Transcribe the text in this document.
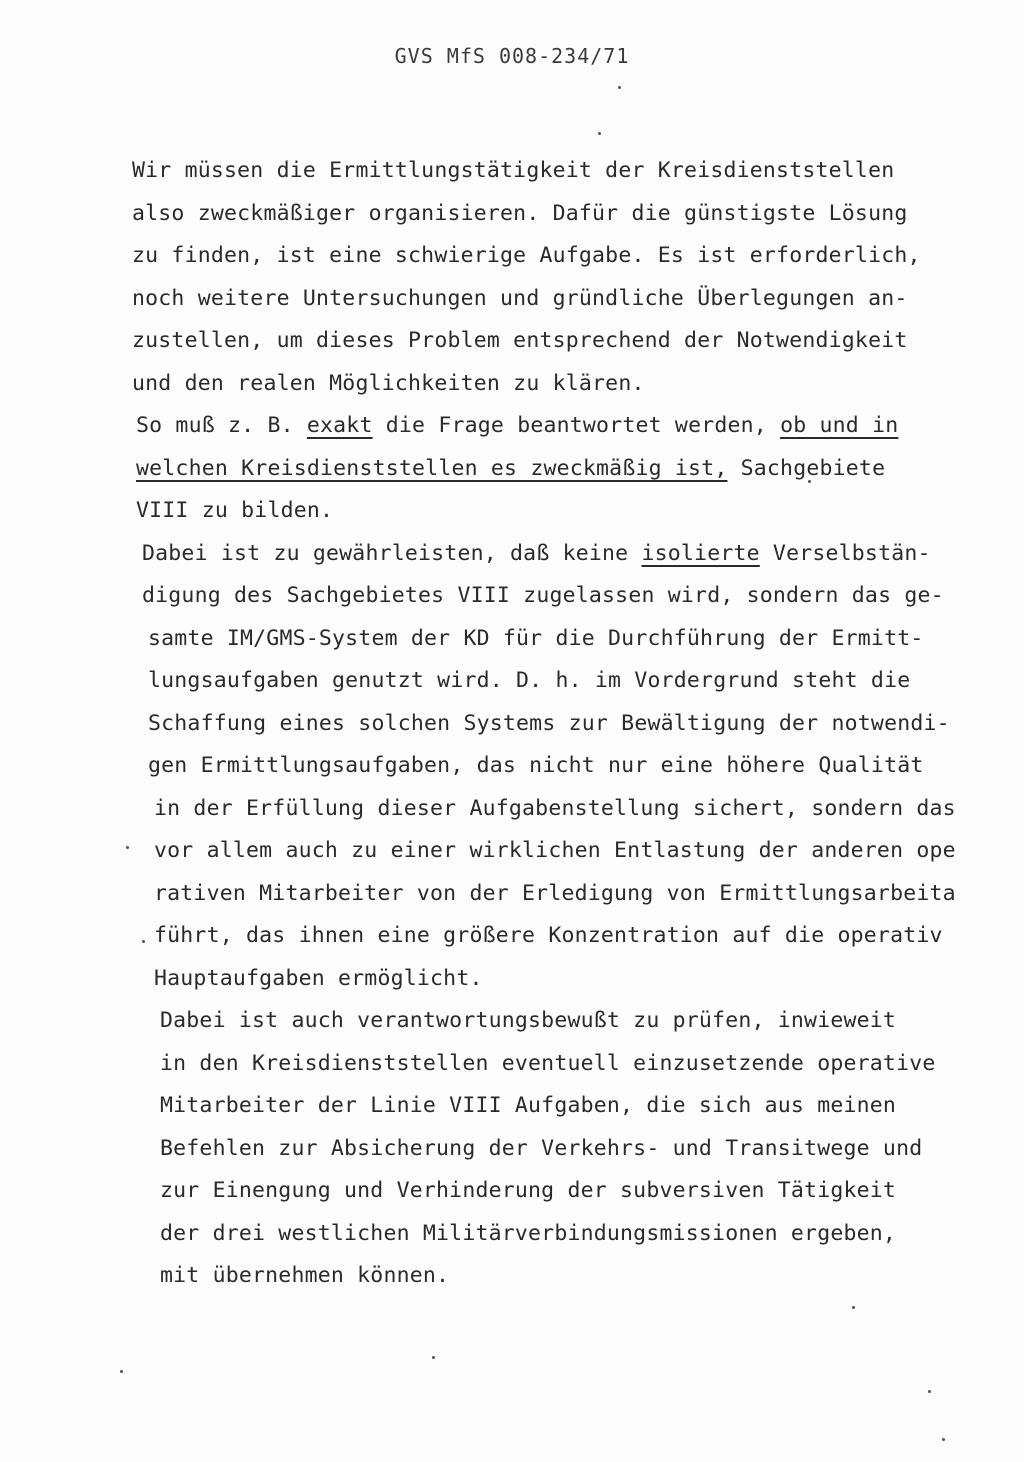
GVS MfS 008-234/71
Wir müssen die Ermittlungstätigkeit der Kreisdienststellen
also zweckmäßiger organisieren. Dafür die günstigste Lösung
zu finden, ist eine schwierige Aufgabe. Es ist erforderlich,
noch weitere Untersuchungen und gründliche Überlegungen an-
zustellen, um dieses Problem entsprechend der Notwendigkeit
und den realen Möglichkeiten zu klären.
So muß z. B. exakt die Frage beantwortet werden, ob und in
welchen Kreisdienststellen es zweckmäßig ist, Sachgebiete
VIII zu bilden.
Dabei ist zu gewährleisten, daß keine isolierte Verselbstän-
digung des Sachgebietes VIII zugelassen wird, sondern das ge-
samte IM/GMS-System der KD für die Durchführung der Ermitt-
lungsaufgaben genutzt wird. D. h. im Vordergrund steht die
Schaffung eines solchen Systems zur Bewältigung der notwendi-
gen Ermittlungsaufgaben, das nicht nur eine höhere Qualität
in der Erfüllung dieser Aufgabenstellung sichert, sondern das
vor allem auch zu einer wirklichen Entlastung der anderen ope
rativen Mitarbeiter von der Erledigung von Ermittlungsarbeita
führt, das ihnen eine größere Konzentration auf die operativ
Hauptaufgaben ermöglicht.
Dabei ist auch verantwortungsbewußt zu prüfen, inwieweit
in den Kreisdienststellen eventuell einzusetzende operative
Mitarbeiter der Linie VIII Aufgaben, die sich aus meinen
Befehlen zur Absicherung der Verkehrs- und Transitwege und
zur Einengung und Verhinderung der subversiven Tätigkeit
der drei westlichen Militärverbindungsmissionen ergeben,
mit übernehmen können.
